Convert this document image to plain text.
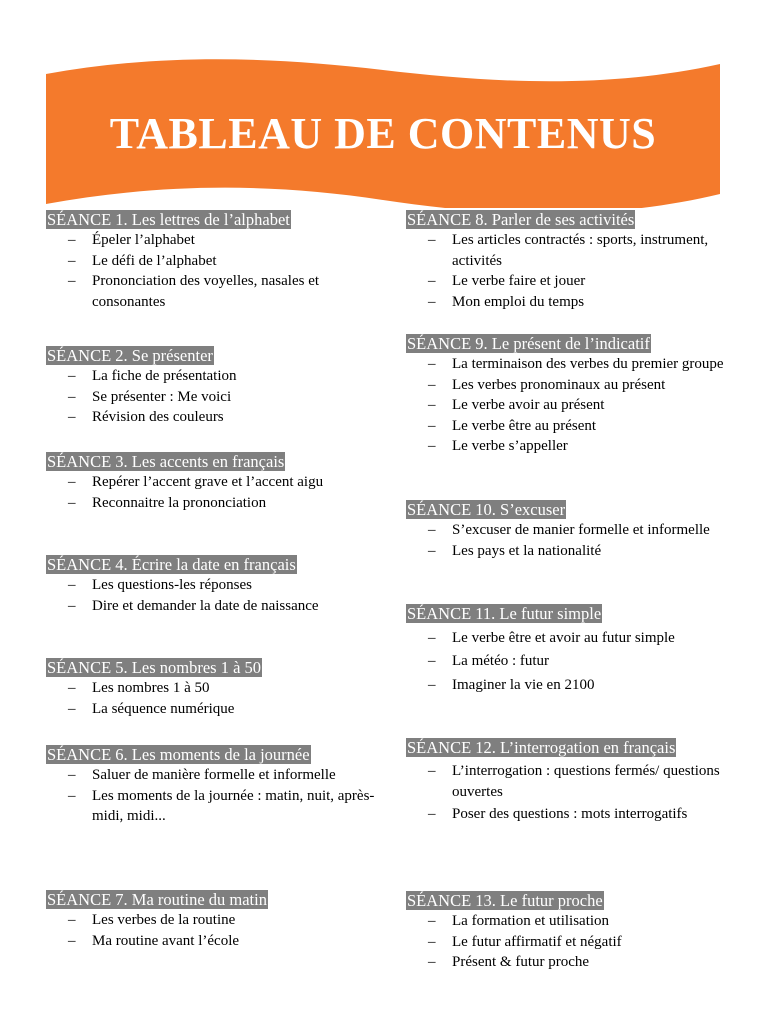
TABLEAU DE CONTENUS
SÉANCE 1. Les lettres de l’alphabet
– Épeler l’alphabet
– Le défi de l’alphabet
– Prononciation des voyelles, nasales et consonantes
SÉANCE 2. Se présenter
– La fiche de présentation
– Se présenter : Me voici
– Révision des couleurs
SÉANCE 3. Les accents en français
– Repérer l’accent grave et l’accent aigu
– Reconnaitre la prononciation
SÉANCE 4. Écrire la date en français
– Les questions-les réponses
– Dire et demander la date de naissance
SÉANCE 5. Les nombres 1 à 50
– Les nombres 1 à 50
– La séquence numérique
SÉANCE 6. Les moments de la journée
– Saluer de manière formelle et informelle
– Les moments de la journée : matin, nuit, après- midi, midi...
SÉANCE 7. Ma routine du matin
– Les verbes de la routine
– Ma routine avant l’école
SÉANCE 8. Parler de ses activités
– Les articles contractés : sports, instrument, activités
– Le verbe faire et jouer
– Mon emploi du temps
SÉANCE 9. Le présent de l’indicatif
– La terminaison des verbes du premier groupe
– Les verbes pronominaux au présent
– Le verbe avoir au présent
– Le verbe être au présent
– Le verbe s’appeller
SÉANCE 10. S’excuser
– S’excuser de manier formelle et informelle
– Les pays et la nationalité
SÉANCE 11. Le futur simple
– Le verbe être et avoir au futur simple
– La météo : futur
– Imaginer la vie en 2100
SÉANCE 12. L’interrogation en français
– L’interrogation : questions fermés/ questions ouvertes
– Poser des questions : mots interrogatifs
SÉANCE 13. Le futur proche
– La formation et utilisation
– Le futur affirmatif et négatif
– Présent & futur proche
